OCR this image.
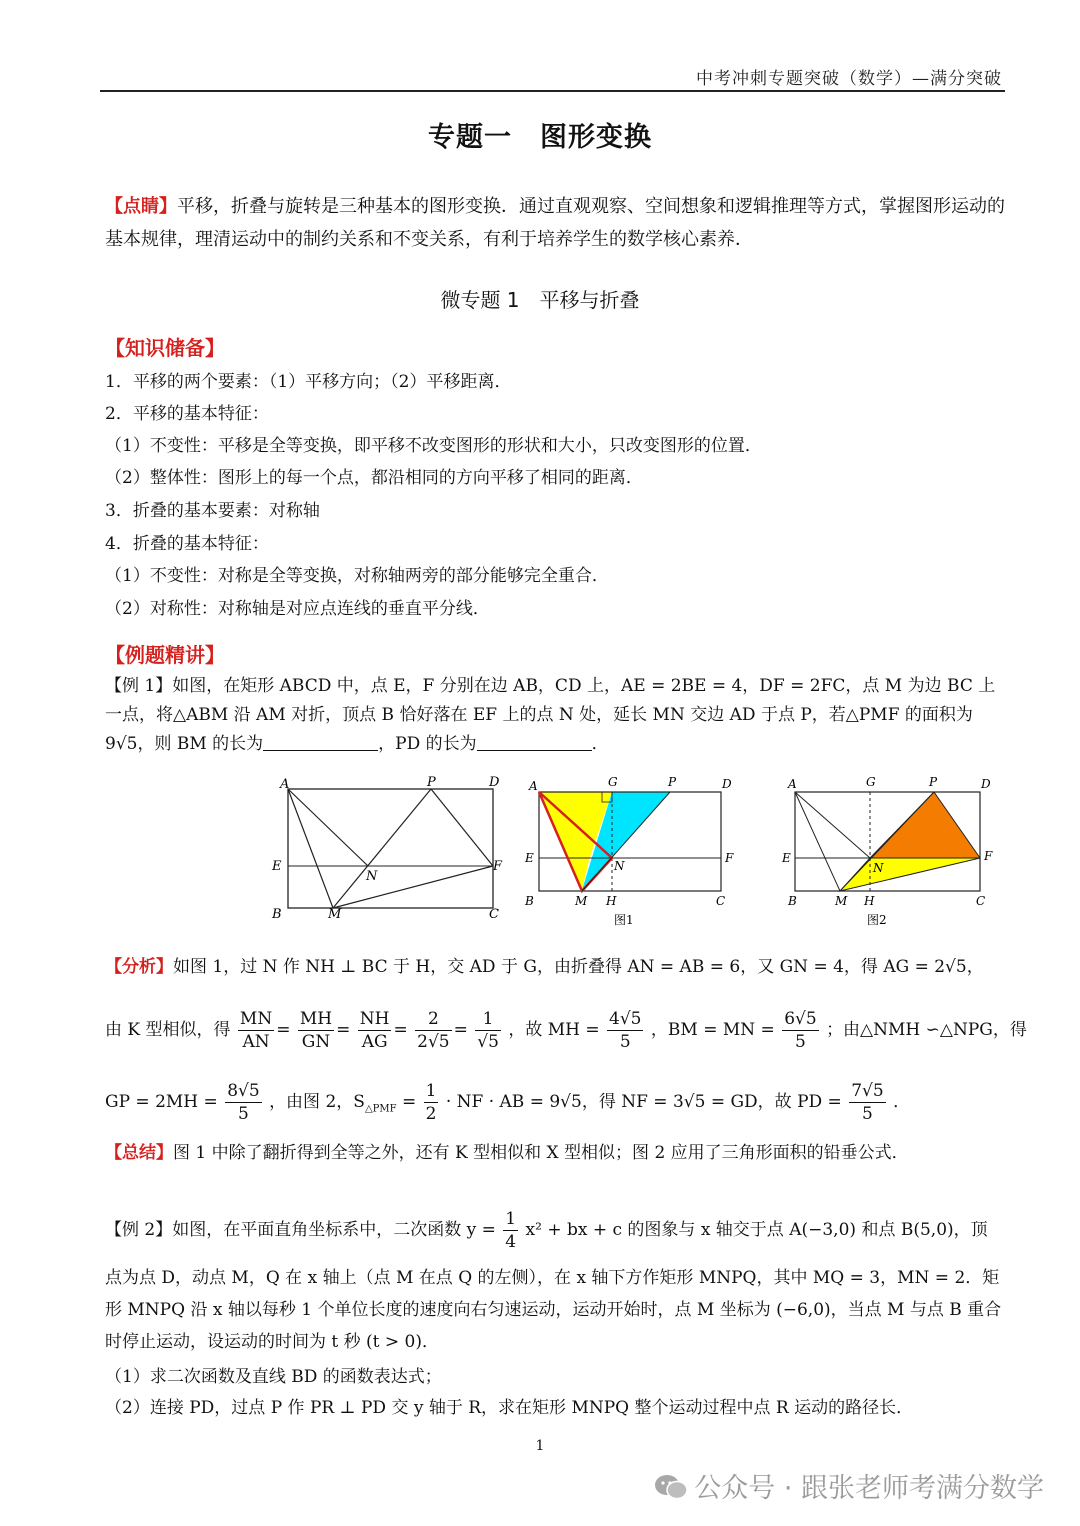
中考冲刺专题突破（数学）—满分突破
专题一　图形变换
【点睛】平移，折叠与旋转是三种基本的图形变换．通过直观观察、空间想象和逻辑推理等方式，掌握图形运动的基本规律，理清运动中的制约关系和不变关系，有利于培养学生的数学核心素养．
微专题 1　平移与折叠
【知识储备】
1．平移的两个要素：（1）平移方向；（2）平移距离．
2．平移的基本特征：
（1）不变性：平移是全等变换，即平移不改变图形的形状和大小，只改变图形的位置．
（2）整体性：图形上的每一个点，都沿相同的方向平移了相同的距离．
3．折叠的基本要素：对称轴
4．折叠的基本特征：
（1）不变性：对称是全等变换，对称轴两旁的部分能够完全重合．
（2）对称性：对称轴是对应点连线的垂直平分线．
【例题精讲】
【例 1】如图，在矩形 ABCD 中，点 E，F 分别在边 AB，CD 上，AE = 2BE = 4，DF = 2FC，点 M 为边 BC 上一点，将△ABM 沿 AM 对折，顶点 B 恰好落在 EF 上的点 N 处，延长 MN 交边 AD 于点 P，若△PMF 的面积为 9√5，则 BM 的长为	，PD 的长为	．
A	P	D
E
N
F
B	M	C
A	G	P	D
E
N
F
B	M H	C
图1
A	G	P	D
E
N
F
B	M H	C
图2
【分析】如图 1，过 N 作 NH ⊥ BC 于 H，交 AD 于 G，由折叠得 AN = AB = 6，又 GN = 4，得 AG = 2√5，
由 K 型相似，得 $\frac{MN}{AN} = \frac{MH}{GN} = \frac{NH}{AG} = \frac{2}{2√5} = \frac{1}{√5}$ ，故 MH = $\frac{4√5}{5}$ ，BM = MN = $\frac{6√5}{5}$ ；由△NMH ∽△NPG，得
GP = $2MH = \frac{8√5}{5}$ ，由图 2，$S_{\triangle PMF} = \frac{1}{2}$ · NF · AB = 9√5，得 NF = 3√5 = GD，故 PD = $\frac{7√5}{5}$ ．
【总结】图 1 中除了翻折得到全等之外，还有 K 型相似和 X 型相似；图 2 应用了三角形面积的铅垂公式．
【例 2】如图，在平面直角坐标系中，二次函数 $y = \frac{1}{4} x^2$ + bx + c 的图象与 x 轴交于点 A(−3,0) 和点 B(5,0)，顶
点为点 D，动点 M，Q 在 x 轴上（点 M 在点 Q 的左侧），在 x 轴下方作矩形 MNPQ，其中 MQ = 3，MN = 2．矩形 MNPQ 沿 x 轴以每秒 1 个单位长度的速度向右匀速运动，运动开始时，点 M 坐标为 (−6,0)，当点 M 与点 B 重合时停止运动，设运动的时间为 t 秒 (t > 0)．
（1）求二次函数及直线 BD 的函数表达式；
（2）连接 PD，过点 P 作 PR ⊥ PD 交 y 轴于 R，求在矩形 MNPQ 整个运动过程中点 R 运动的路径长．
1
公众号 · 跟张老师考满分数学
